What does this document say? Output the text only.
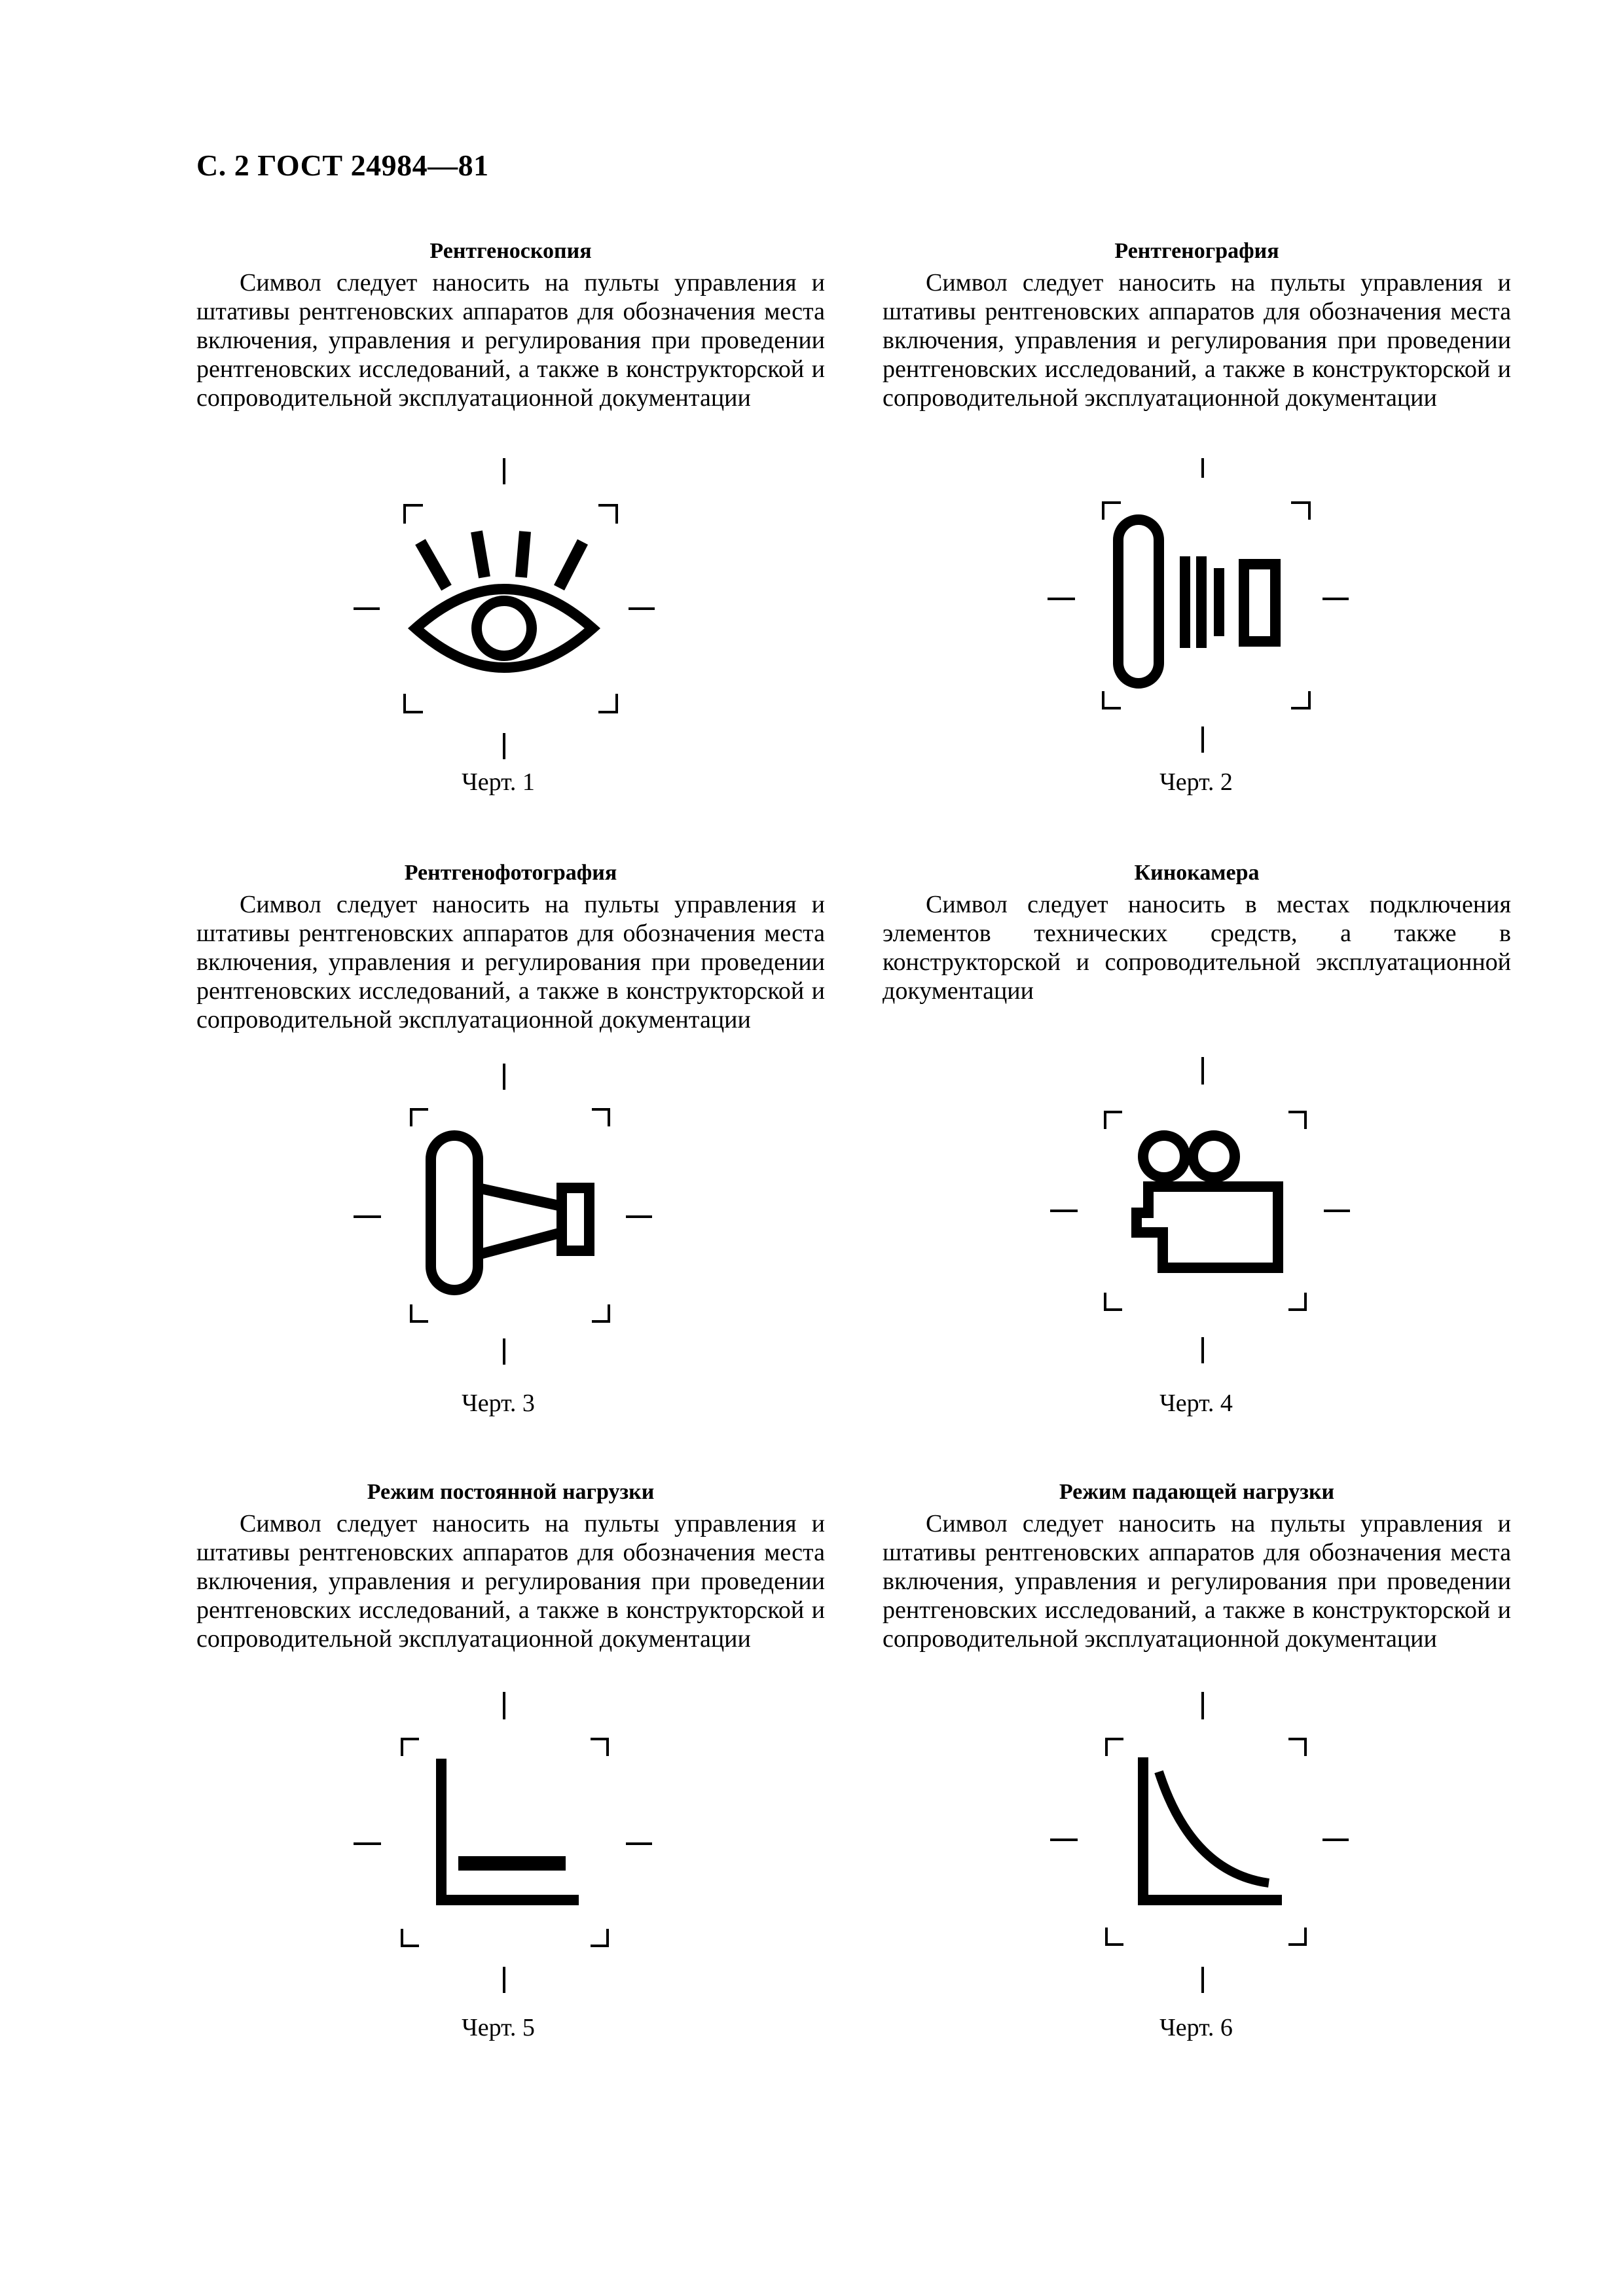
С. 2 ГОСТ 24984—81
Рентгеноскопия

Символ следует наносить на пульты управления и штативы рентгеновских аппаратов для обозначения места включения, управления и регулирования при проведении рентгеновских исследований, а также в конструкторской и сопроводительной эксплуатационной документации

Рентгенография

Символ следует наносить на пульты управления и штативы рентгеновских аппаратов для обозначения места включения, управления и регулирования при проведении рентгеновских исследований, а также в конструкторской и сопроводительной эксплуатационной документации

Рентгенофотография

Символ следует наносить на пульты управления и штативы рентгеновских аппаратов для обозначения места включения, управления и регулирования при проведении рентгеновских исследований, а также в конструкторской и сопроводительной эксплуатационной документации

Кинокамера

Символ следует наносить в местах подключения элементов технических средств, а также в конструкторской и сопроводительной эксплуатационной документации

Режим постоянной нагрузки

Символ следует наносить на пульты управления и штативы рентгеновских аппаратов для обозначения места включения, управления и регулирования при проведении рентгеновских исследований, а также в конструкторской и сопроводительной эксплуатационной документации

Режим падающей нагрузки

Символ следует наносить на пульты управления и штативы рентгеновских аппаратов для обозначения места включения, управления и регулирования при проведении рентгеновских исследований, а также в конструкторской и сопроводительной эксплуатационной документации

Черт. 1	Черт. 2
Черт. 3	Черт. 4
Черт. 5	Черт. 6
